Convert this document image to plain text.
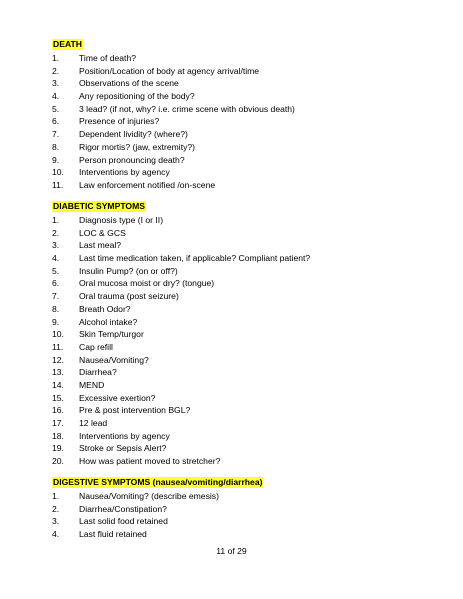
DEATH
1. Time of death?
2. Position/Location of body at agency arrival/time
3. Observations of the scene
4. Any repositioning of the body?
5. 3 lead? (if not, why? i.e. crime scene with obvious death)
6. Presence of injuries?
7. Dependent lividity? (where?)
8. Rigor mortis? (jaw, extremity?)
9. Person pronouncing death?
10. Interventions by agency
11. Law enforcement notified /on-scene
DIABETIC SYMPTOMS
1. Diagnosis type (I or II)
2. LOC & GCS
3. Last meal?
4. Last time medication taken, if applicable? Compliant patient?
5. Insulin Pump? (on or off?)
6. Oral mucosa moist or dry? (tongue)
7. Oral trauma (post seizure)
8. Breath Odor?
9. Alcohol intake?
10. Skin Temp/turgor
11. Cap refill
12. Nausea/Vomiting?
13. Diarrhea?
14. MEND
15. Excessive exertion?
16. Pre & post intervention BGL?
17. 12 lead
18. Interventions by agency
19. Stroke or Sepsis Alert?
20. How was patient moved to stretcher?
DIGESTIVE SYMPTOMS (nausea/vomiting/diarrhea)
1. Nausea/Vomiting? (describe emesis)
2. Diarrhea/Constipation?
3. Last solid food retained
4. Last fluid retained
11 of 29
